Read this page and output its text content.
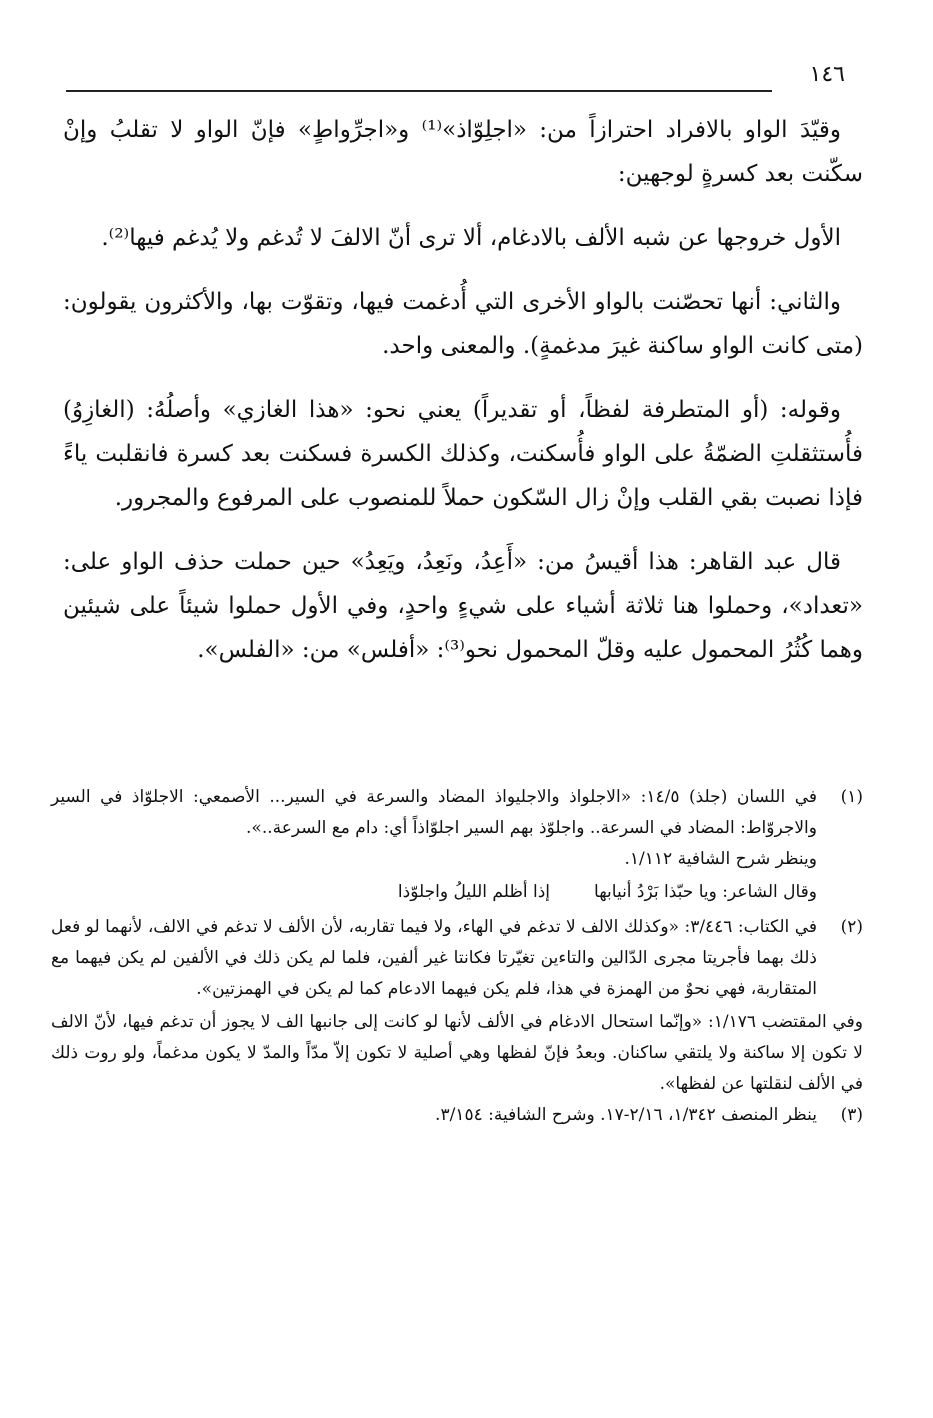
١٤٦

وقيّدَ الواو بالافراد احترازاً من: «اجلِوّاذ»⁽¹⁾ و«اجرِّواطٍ» فإنّ الواو لا تقلبُ وإنْ سكّنت بعد كسرةٍ لوجهين:

الأول خروجها عن شبه الألف بالادغام، ألا ترى أنّ الالفَ لا تُدغم ولا يُدغم فيها⁽²⁾.

والثاني: أنها تحصّنت بالواو الأخرى التي أُدغمت فيها، وتقوّت بها، والأكثرون يقولون: (متى كانت الواو ساكنة غيرَ مدغمةٍ). والمعنى واحد.

وقوله: (أو المتطرفة لفظاً، أو تقديراً) يعني نحو: «هذا الغازي» وأصلُهُ: (الغازِوُ) فأُستثقلتِ الضمّةُ على الواو فأُسكنت، وكذلك الكسرة فسكنت بعد كسرة فانقلبت ياءً فإذا نصبت بقي القلب وإنْ زال السّكون حملاً للمنصوب على المرفوع والمجرور.

قال عبد القاهر: هذا أقيسُ من: «أَعِدُ، ونَعِدُ، ويَعِدُ» حين حملت حذف الواو على: «تعداد»، وحملوا هنا ثلاثة أشياء على شيءٍ واحدٍ، وفي الأول حملوا شيئاً على شيئين وهما كُثُرُ المحمول عليه وقلّ المحمول نحو⁽³⁾: «أفلس» من: «الفلس».

(١)

في اللسان (جلذ) ١٤/٥: «الاجلواذ والاجليواذ المضاد والسرعة في السير... الأصمعي: الاجلوّاذ في السير والاجروّاط: المضاد في السرعة.. واجلوّذ بهم السير اجلوّاذاً أي: دام مع السرعة..».

وينظر شرح الشافية ١/١١٢.

وقال الشاعر: ويا حبّذا بَرْدُ أنيابها
إذا أظلم الليلُ واجلوّذا
(٢)

في الكتاب: ٣/٤٤٦: «وكذلك الالف لا تدغم في الهاء، ولا فيما تقاربه، لأن الألف لا تدغم في الالف، لأنهما لو فعل ذلك بهما فأجريتا مجرى الدّالين والتاءين تغيّرتا فكانتا غير ألفين، فلما لم يكن ذلك في الألفين لم يكن فيهما مع المتقاربة، فهي نحوٌ من الهمزة في هذا، فلم يكن فيهما الادعام كما لم يكن في الهمزتين».

وفي المقتضب ١/١٧٦: «وإنّما استحال الادغام في الألف لأنها لو كانت إلى جانبها الف لا يجوز أن تدغم فيها، لأنّ الالف لا تكون إلا ساكنة ولا يلتقي ساكنان. وبعدُ فإنّ لفظها وهي أصلية لا تكون إلاّ مدّاً والمدّ لا يكون مدغماً، ولو روت ذلك في الألف لنقلتها عن لفظها».

(٣)

ينظر المنصف ١/٣٤٢، ٢/١٦-١٧. وشرح الشافية: ٣/١٥٤.
